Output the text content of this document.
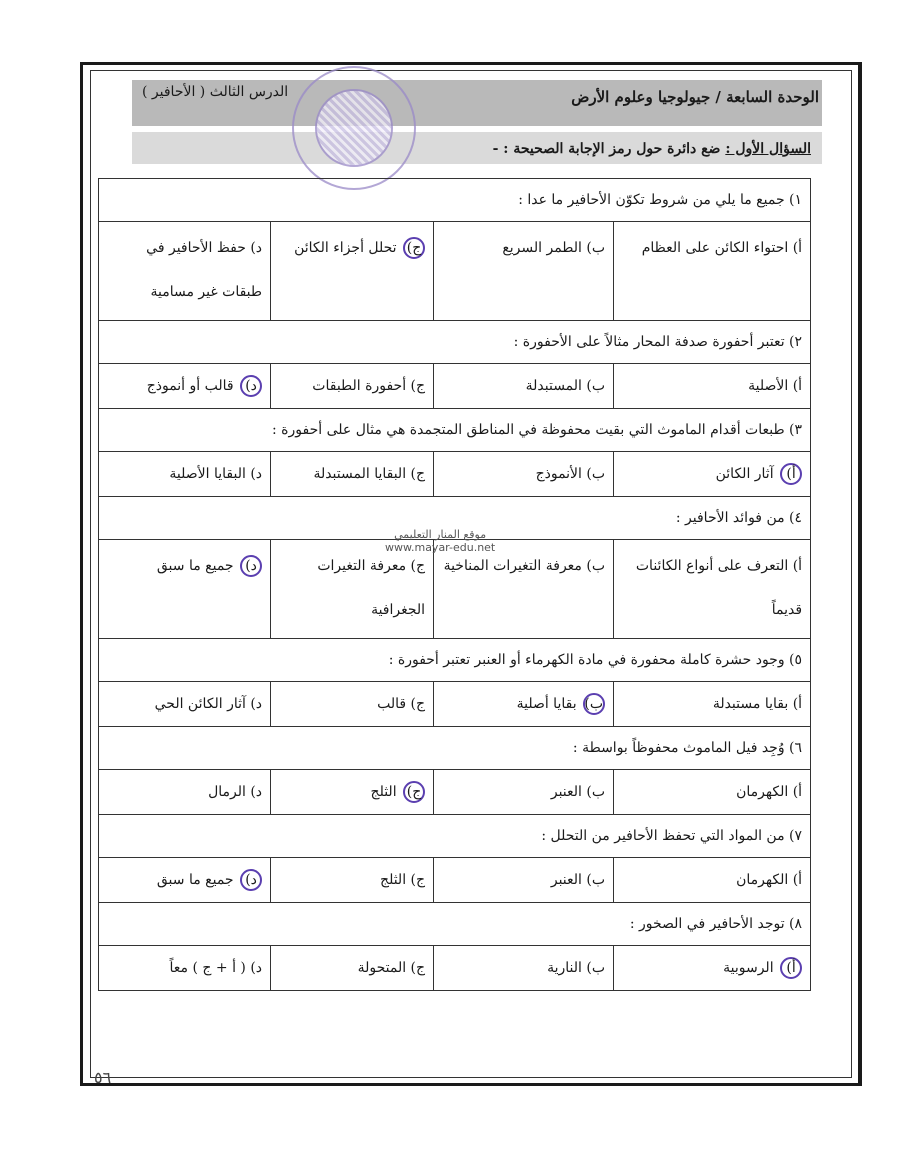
الوحدة السابعة / جيولوجيا وعلوم الأرض
الدرس الثالث ( الأحافير )
السؤال الأول : ضع دائرة حول رمز الإجابة الصحيحة : -
١) جميع ما يلي من شروط تكوّن الأحافير ما عدا :			
أ) احتواء الكائن على العظام	ب) الطمر السريع	ج) تحلل أجزاء الكائن	د) حفظ الأحافير في طبقات غير مسامية
٢) تعتبر أحفورة صدفة المحار مثالاً على الأحفورة :			
أ) الأصلية	ب) المستبدلة	ج) أحفورة الطبقات	د) قالب أو أنموذج
٣) طبعات أقدام الماموث التي بقيت محفوظة في المناطق المتجمدة هي مثال على أحفورة :			
أ) آثار الكائن	ب) الأنموذج	ج) البقايا المستبدلة	د) البقايا الأصلية
٤) من فوائد الأحافير :			
أ) التعرف على أنواع الكائنات قديماً	ب) معرفة التغيرات المناخية	ج) معرفة التغيرات الجغرافية	د) جميع ما سبق
٥) وجود حشرة كاملة محفورة في مادة الكهرماء أو العنبر تعتبر أحفورة :			
أ) بقايا مستبدلة	ب) بقايا أصلية	ج) قالب	د) آثار الكائن الحي
٦) وُجِد فيل الماموث محفوظاً بواسطة :			
أ) الكهرمان	ب) العنبر	ج) الثلج	د) الرمال
٧) من المواد التي تحفظ الأحافير من التحلل :			
أ) الكهرمان	ب) العنبر	ج) الثلج	د) جميع ما سبق
٨) توجد الأحافير في الصخور :			
أ) الرسوبية	ب) النارية	ج) المتحولة	د) ( أ + ج ) معاً
موقع المنار التعليمي
www.mayar-edu.net
٥٦
